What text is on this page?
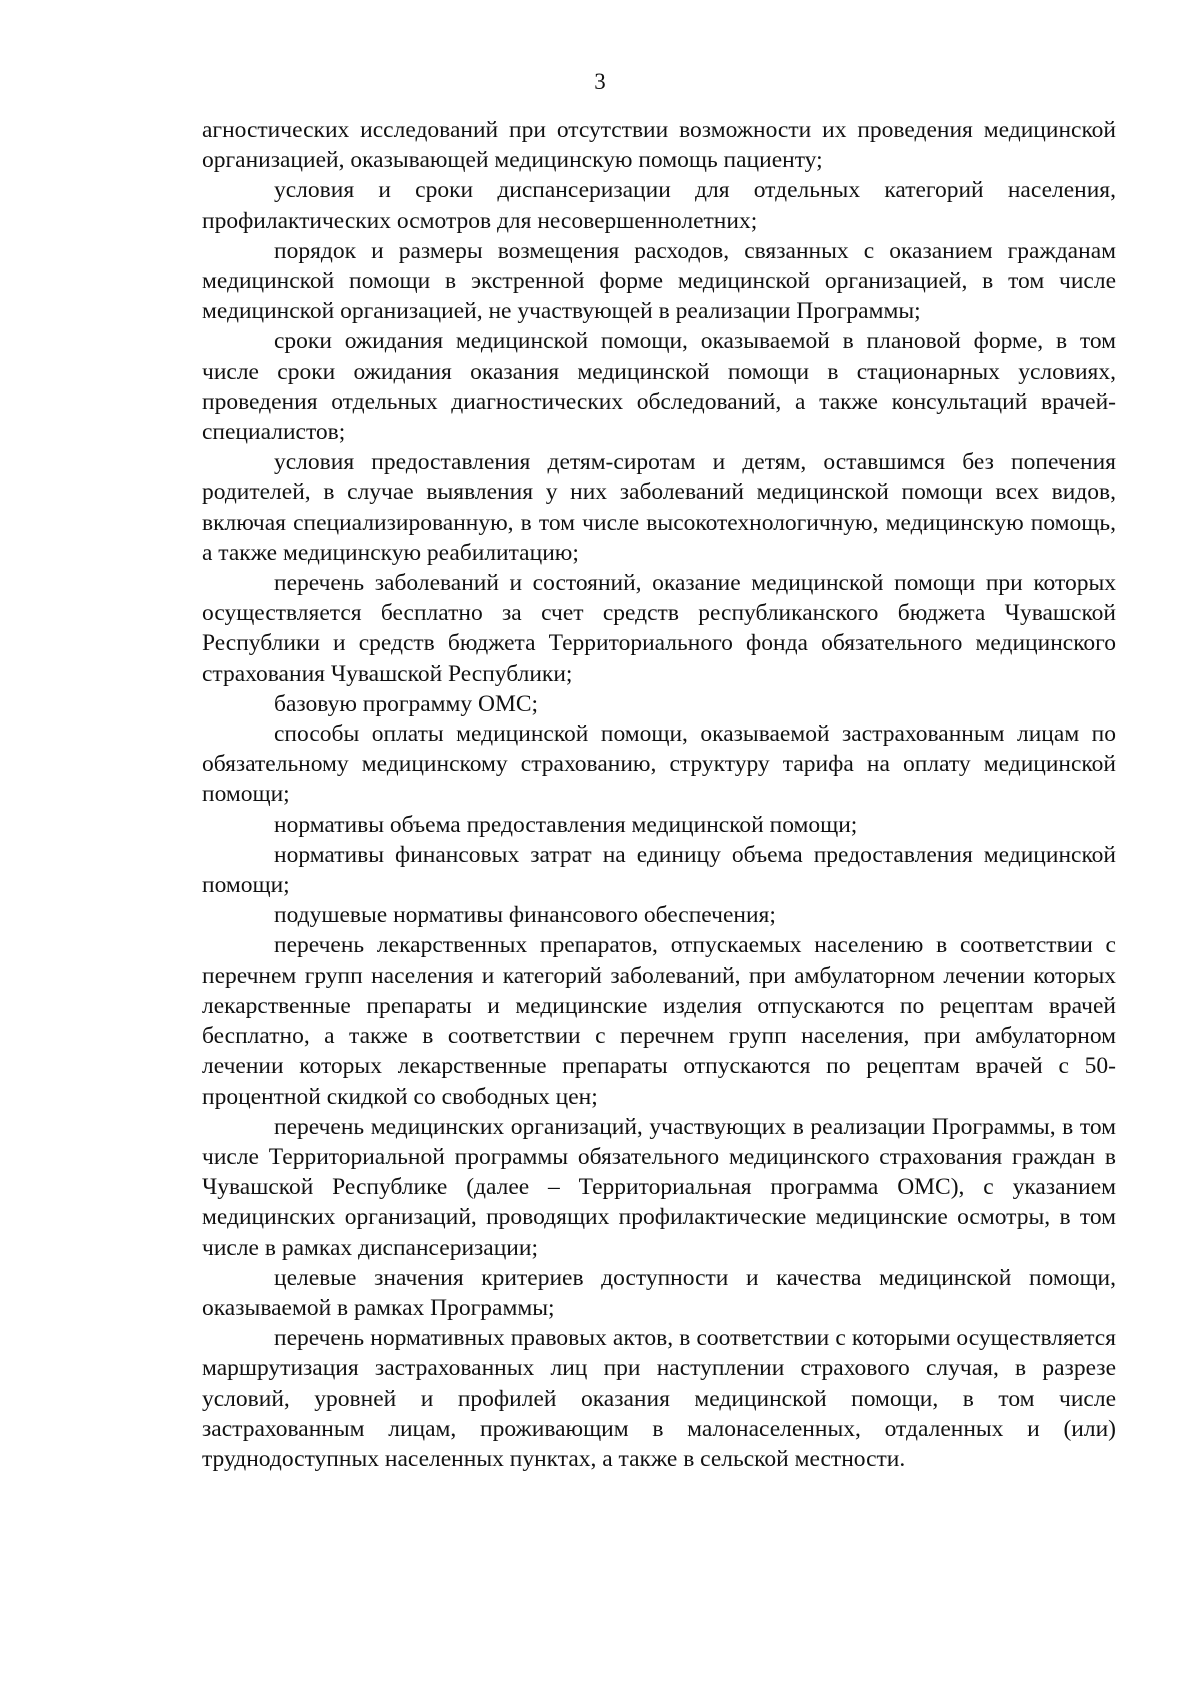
3

агностических исследований при отсутствии возможности их проведения медицинской организацией, оказывающей медицинскую помощь пациенту;

условия и сроки диспансеризации для отдельных категорий населения, профилактических осмотров для несовершеннолетних;

порядок и размеры возмещения расходов, связанных с оказанием гражданам медицинской помощи в экстренной форме медицинской организацией, в том числе медицинской организацией, не участвующей в реализации Программы;

сроки ожидания медицинской помощи, оказываемой в плановой форме, в том числе сроки ожидания оказания медицинской помощи в стационарных условиях, проведения отдельных диагностических обследований, а также консультаций врачей-специалистов;

условия предоставления детям-сиротам и детям, оставшимся без попечения родителей, в случае выявления у них заболеваний медицинской помощи всех видов, включая специализированную, в том числе высокотехнологичную, медицинскую помощь, а также медицинскую реабилитацию;

перечень заболеваний и состояний, оказание медицинской помощи при которых осуществляется бесплатно за счет средств республиканского бюджета Чувашской Республики и средств бюджета Территориального фонда обязательного медицинского страхования Чувашской Республики;

базовую программу ОМС;

способы оплаты медицинской помощи, оказываемой застрахованным лицам по обязательному медицинскому страхованию, структуру тарифа на оплату медицинской помощи;

нормативы объема предоставления медицинской помощи;

нормативы финансовых затрат на единицу объема предоставления медицинской помощи;

подушевые нормативы финансового обеспечения;

перечень лекарственных препаратов, отпускаемых населению в соответствии с перечнем групп населения и категорий заболеваний, при амбулаторном лечении которых лекарственные препараты и медицинские изделия отпускаются по рецептам врачей бесплатно, а также в соответствии с перечнем групп населения, при амбулаторном лечении которых лекарственные препараты отпускаются по рецептам врачей с 50-процентной скидкой со свободных цен;

перечень медицинских организаций, участвующих в реализации Программы, в том числе Территориальной программы обязательного медицинского страхования граждан в Чувашской Республике (далее – Территориальная программа ОМС), с указанием медицинских организаций, проводящих профилактические медицинские осмотры, в том числе в рамках диспансеризации;

целевые значения критериев доступности и качества медицинской помощи, оказываемой в рамках Программы;

перечень нормативных правовых актов, в соответствии с которыми осуществляется маршрутизация застрахованных лиц при наступлении страхового случая, в разрезе условий, уровней и профилей оказания медицинской помощи, в том числе застрахованным лицам, проживающим в малонаселенных, отдаленных и (или) труднодоступных населенных пунктах, а также в сельской местности.
